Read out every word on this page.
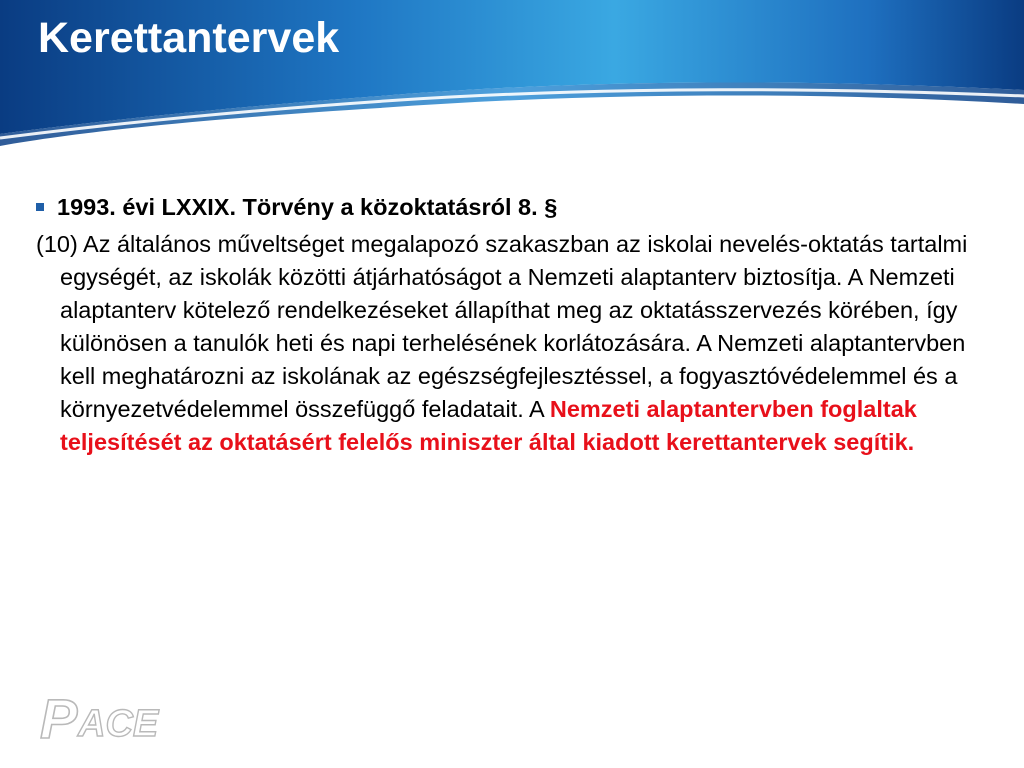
Kerettantervek
1993. évi LXXIX. Törvény a közoktatásról 8. §

(10) Az általános műveltséget megalapozó szakaszban az iskolai nevelés-oktatás tartalmi egységét, az iskolák közötti átjárhatóságot a Nemzeti alaptanterv biztosítja. A Nemzeti alaptanterv kötelező rendelkezéseket állapíthat meg az oktatásszervezés körében, így különösen a tanulók heti és napi terhelésének korlátozására. A Nemzeti alaptantervben kell meghatározni az iskolának az egészségfejlesztéssel, a fogyasztóvédelemmel és a környezetvédelemmel összefüggő feladatait. A Nemzeti alaptantervben foglaltak teljesítését az oktatásért felelős miniszter által kiadott kerettantervek segítik.

P ACE
